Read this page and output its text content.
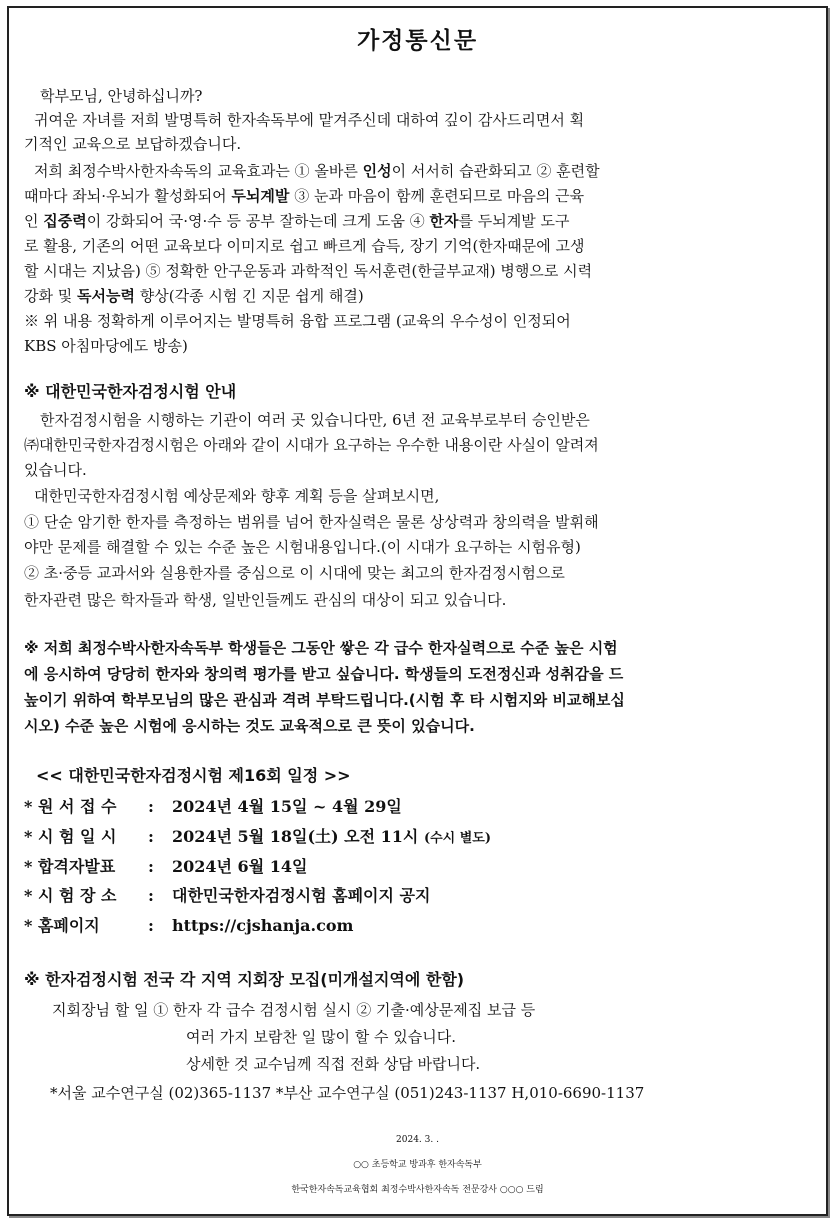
가정통신문
학부모님, 안녕하십니까?
귀여운 자녀를 저희 발명특허 한자속독부에 맡겨주신데 대하여 깊이 감사드리면서 획
기적인 교육으로 보답하겠습니다.
저희 최정수박사한자속독의 교육효과는 ① 올바른 인성이 서서히 습관화되고 ② 훈련할
때마다 좌뇌·우뇌가 활성화되어 두뇌계발 ③ 눈과 마음이 함께 훈련되므로 마음의 근육
인 집중력이 강화되어 국·영·수 등 공부 잘하는데 크게 도움 ④ 한자를 두뇌계발 도구
로 활용, 기존의 어떤 교육보다 이미지로 쉽고 빠르게 습득, 장기 기억(한자때문에 고생
할 시대는 지났음) ⑤ 정확한 안구운동과 과학적인 독서훈련(한글부교재) 병행으로 시력
강화 및 독서능력 향상(각종 시험 긴 지문 쉽게 해결)
※ 위 내용 정확하게 이루어지는 발명특허 융합 프로그램 (교육의 우수성이 인정되어
KBS 아침마당에도 방송)
※ 대한민국한자검정시험 안내
한자검정시험을 시행하는 기관이 여러 곳 있습니다만, 6년 전 교육부로부터 승인받은
㈜대한민국한자검정시험은 아래와 같이 시대가 요구하는 우수한 내용이란 사실이 알려져
있습니다.
대한민국한자검정시험 예상문제와 향후 계획 등을 살펴보시면,
① 단순 암기한 한자를 측정하는 범위를 넘어 한자실력은 물론 상상력과 창의력을 발휘해
야만 문제를 해결할 수 있는 수준 높은 시험내용입니다.(이 시대가 요구하는 시험유형)
② 초·중등 교과서와 실용한자를 중심으로 이 시대에 맞는 최고의 한자검정시험으로
한자관련 많은 학자들과 학생, 일반인들께도 관심의 대상이 되고 있습니다.
※ 저희 최정수박사한자속독부 학생들은 그동안 쌓은 각 급수 한자실력으로 수준 높은 시험
에 응시하여 당당히 한자와 창의력 평가를 받고 싶습니다. 학생들의 도전정신과 성취감을 드
높이기 위하여 학부모님의 많은 관심과 격려 부탁드립니다.(시험 후 타 시험지와 비교해보십
시오) 수준 높은 시험에 응시하는 것도 교육적으로 큰 뜻이 있습니다.
<< 대한민국한자검정시험 제16회 일정 >>
* 원 서 접 수 : 2024년 4월 15일 ~ 4월 29일
* 시 험 일 시 : 2024년 5월 18일(土) 오전 11시 (수시 별도)
* 합격자발표 : 2024년 6월 14일
* 시 험 장 소 : 대한민국한자검정시험 홈페이지 공지
* 홈페이지	: https://cjshanja.com
※ 한자검정시험 전국 각 지역 지회장 모집(미개설지역에 한함)
지회장님 할 일 ① 한자 각 급수 검정시험 실시 ② 기출·예상문제집 보급 등
여러 가지 보람찬 일 많이 할 수 있습니다.
상세한 것 교수님께 직접 전화 상담 바랍니다.
*서울 교수연구실 (02)365-1137 *부산 교수연구실 (051)243-1137 H,010-6690-1137
2024. 3. .
○○ 초등학교 방과후 한자속독부
한국한자속독교육협회 최정수박사한자속독 전문강사 ○○○ 드림
